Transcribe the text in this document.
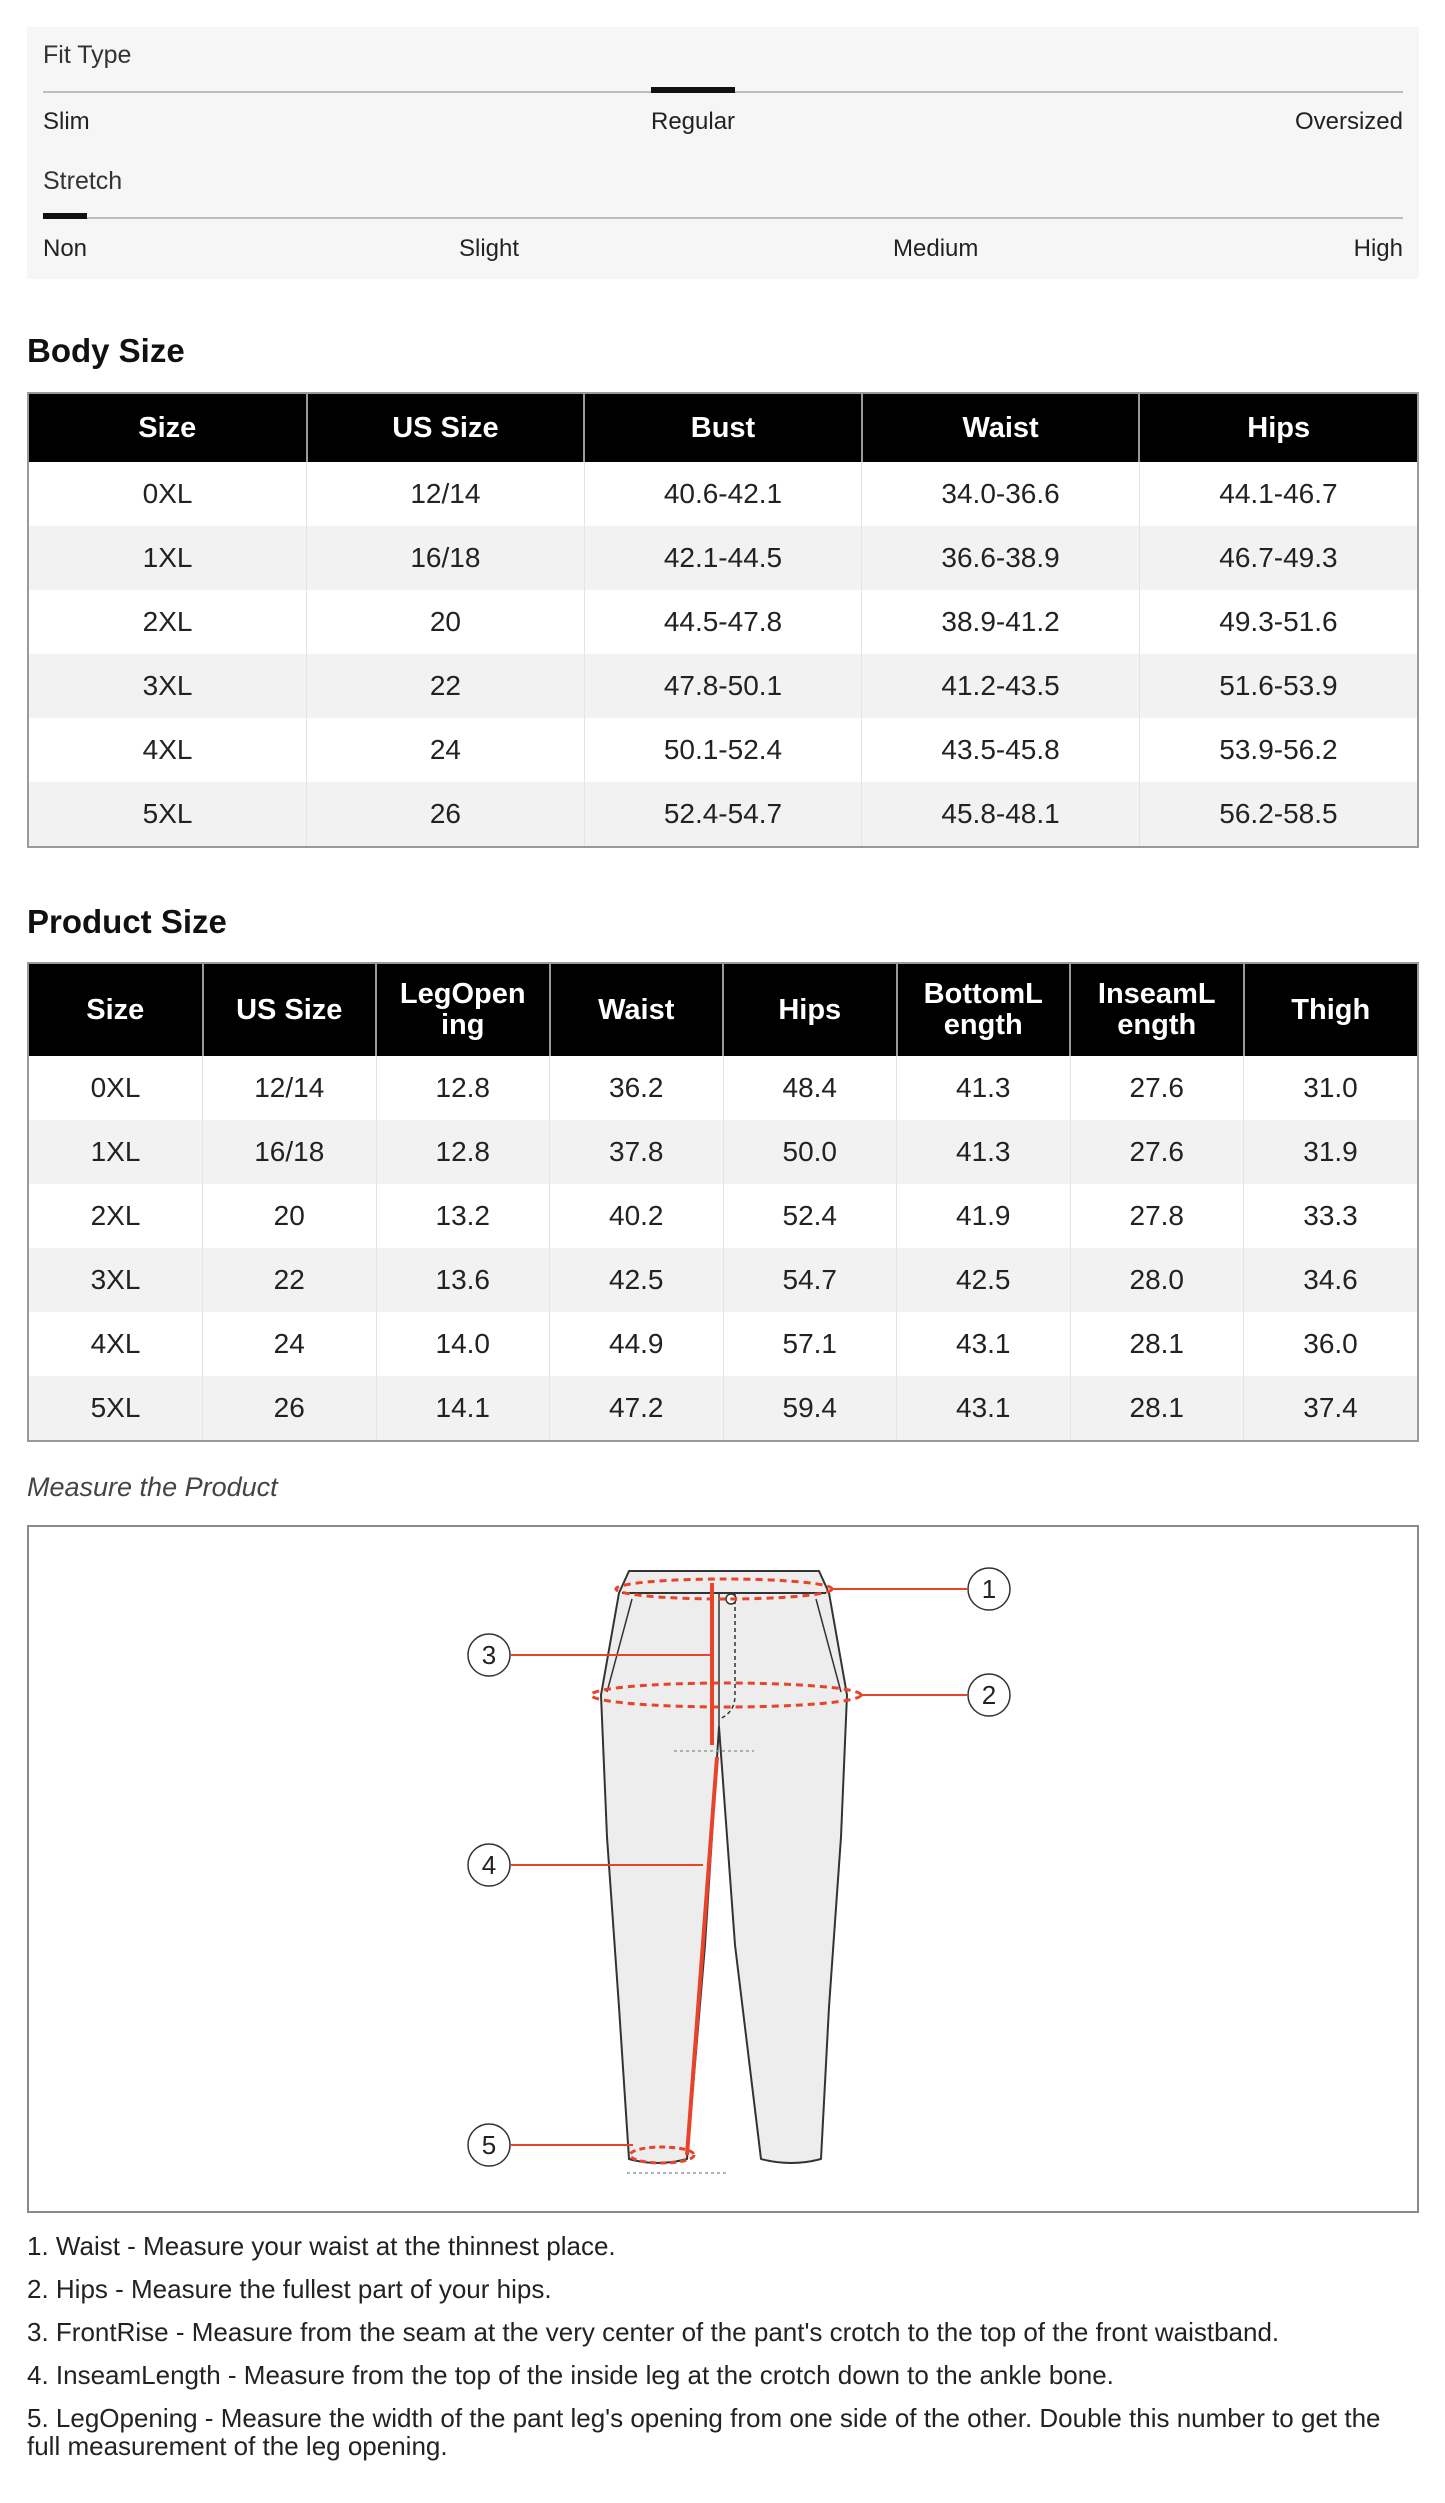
Fit Type
Slim	Regular	Oversized
Stretch
Non	Slight	Medium	High
Body Size
Size	US Size	Bust	Waist	Hips
0XL	12/14	40.6-42.1	34.0-36.6	44.1-46.7
1XL	16/18	42.1-44.5	36.6-38.9	46.7-49.3
2XL	20	44.5-47.8	38.9-41.2	49.3-51.6
3XL	22	47.8-50.1	41.2-43.5	51.6-53.9
4XL	24	50.1-52.4	43.5-45.8	53.9-56.2
5XL	26	52.4-54.7	45.8-48.1	56.2-58.5
Product Size
Size	US Size	LegOpen ing	Waist	Hips	BottomL ength	InseamL ength	Thigh
0XL	12/14	12.8	36.2	48.4	41.3	27.6	31.0
1XL	16/18	12.8	37.8	50.0	41.3	27.6	31.9
2XL	20	13.2	40.2	52.4	41.9	27.8	33.3
3XL	22	13.6	42.5	54.7	42.5	28.0	34.6
4XL	24	14.0	44.9	57.1	43.1	28.1	36.0
5XL	26	14.1	47.2	59.4	43.1	28.1	37.4
Measure the Product
1
2
3
4
5
1. Waist - Measure your waist at the thinnest place.
2. Hips - Measure the fullest part of your hips.
3. FrontRise - Measure from the seam at the very center of the pant's crotch to the top of the front waistband.
4. InseamLength - Measure from the top of the inside leg at the crotch down to the ankle bone.
5. LegOpening - Measure the width of the pant leg's opening from one side of the other. Double this number to get the full measurement of the leg opening.
